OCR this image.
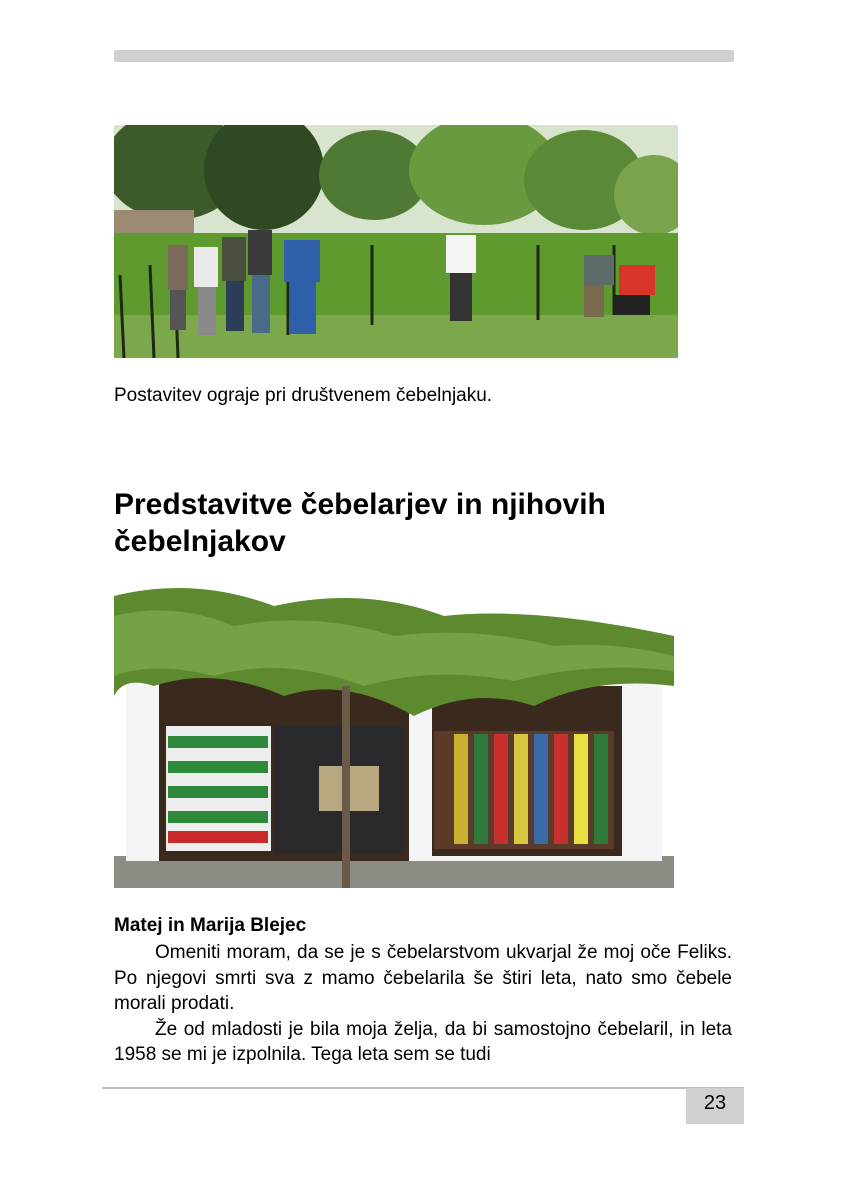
Postavitev ograje pri društvenem čebelnjaku.
Predstavitve čebelarjev in njihovih čebelnjakov
Matej in Marija Blejec

Omeniti moram, da se je s čebelarstvom ukvarjal že moj oče Feliks. Po njegovi smrti sva z mamo čebelarila še štiri leta, nato smo čebele morali prodati.

Že od mladosti je bila moja želja, da bi samostojno čebelaril, in leta 1958 se mi je izpolnila. Tega leta sem se tudi

23
